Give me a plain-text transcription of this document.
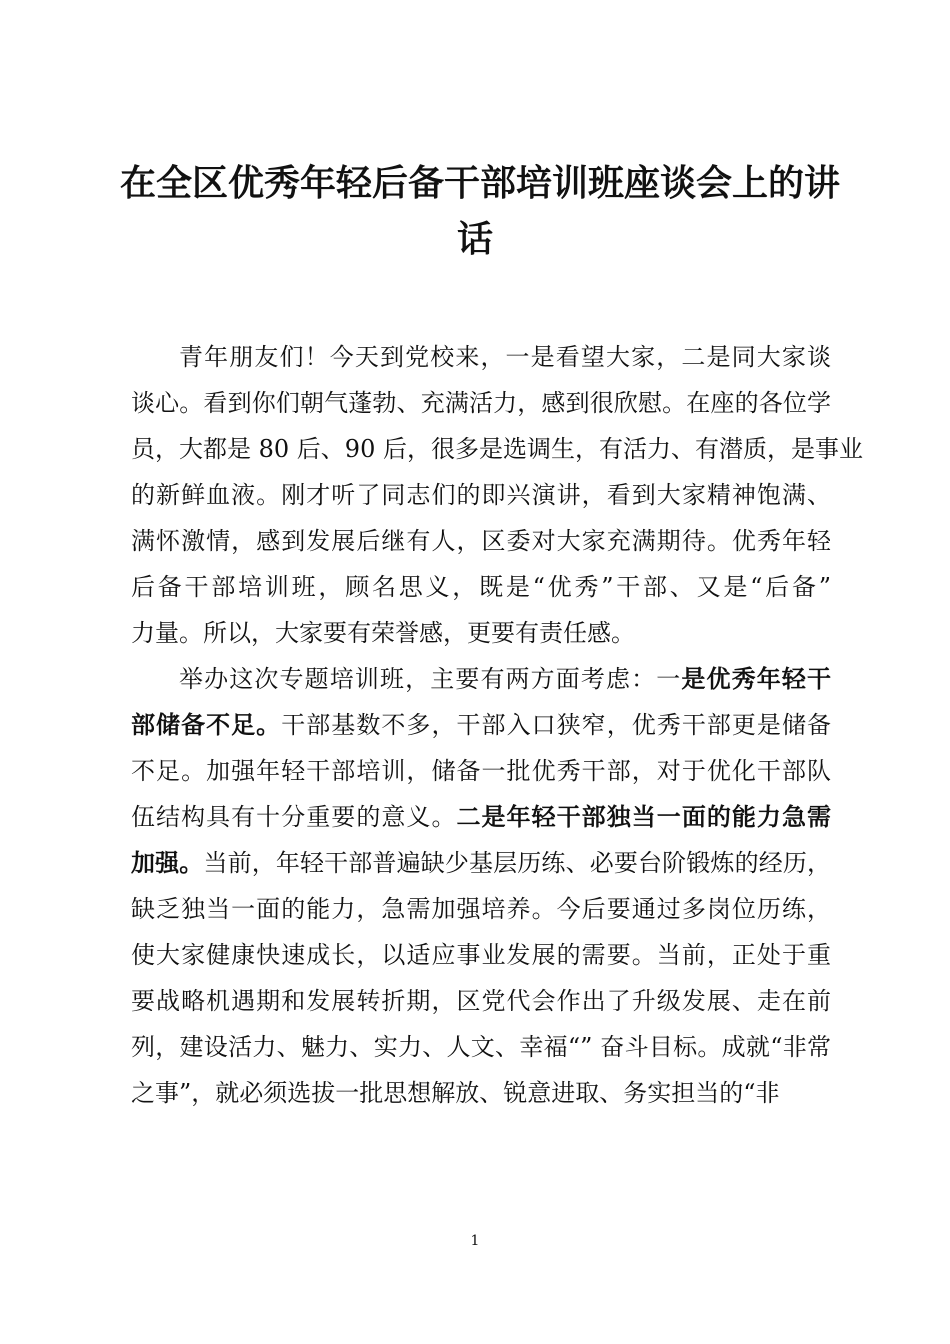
在全区优秀年轻后备干部培训班座谈会上的讲
话
青年朋友们！今天到党校来，一是看望大家，二是同大家谈
谈心。看到你们朝气蓬勃、充满活力，感到很欣慰。在座的各位学
员，大都是 80 后、90 后，很多是选调生，有活力、有潜质，是事业
的新鲜血液。刚才听了同志们的即兴演讲，看到大家精神饱满、
满怀激情，感到发展后继有人，区委对大家充满期待。优秀年轻
后备干部培训班，顾名思义，既是“优秀”干部、又是“后备”
力量。所以，大家要有荣誉感，更要有责任感。
举办这次专题培训班，主要有两方面考虑：一是优秀年轻干
部储备不足。干部基数不多，干部入口狭窄，优秀干部更是储备
不足。加强年轻干部培训，储备一批优秀干部，对于优化干部队
伍结构具有十分重要的意义。二是年轻干部独当一面的能力急需
加强。当前，年轻干部普遍缺少基层历练、必要台阶锻炼的经历，
缺乏独当一面的能力，急需加强培养。今后要通过多岗位历练，
使大家健康快速成长，以适应事业发展的需要。当前，正处于重
要战略机遇期和发展转折期，区党代会作出了升级发展、走在前
列，建设活力、魅力、实力、人文、幸福“” 奋斗目标。成就“非常
之事”，就必须选拔一批思想解放、锐意进取、务实担当的“非
1
